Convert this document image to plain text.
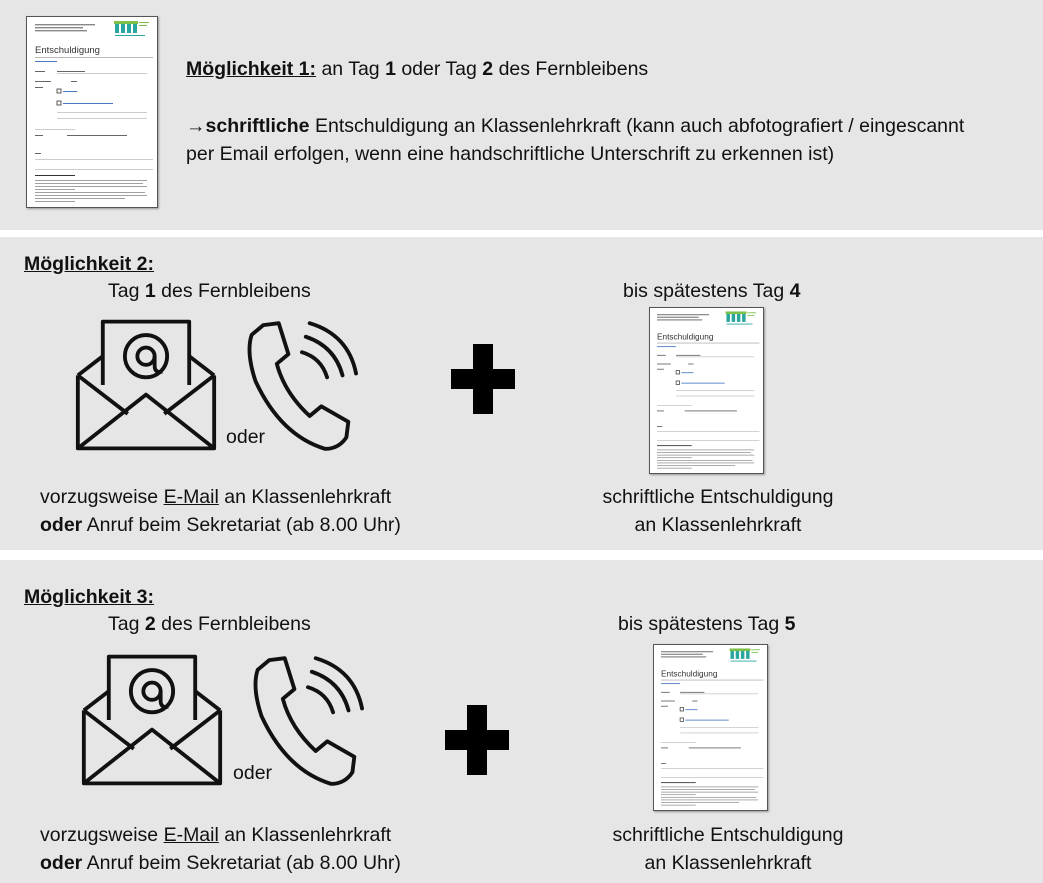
Möglichkeit 1: an Tag 1 oder Tag 2 des Fernbleibens
→schriftliche Entschuldigung an Klassenlehrkraft (kann auch abfotografiert / eingescannt
per Email erfolgen, wenn eine handschriftliche Unterschrift zu erkennen ist)
Möglichkeit 2:
Tag 1 des Fernbleibens	bis spätestens Tag 4
oder
vorzugsweise E-Mail an Klassenlehrkraft
oder Anruf beim Sekretariat (ab 8.00 Uhr)
schriftliche Entschuldigung
an Klassenlehrkraft
Möglichkeit 3:
Tag 2 des Fernbleibens	bis spätestens Tag 5
oder
vorzugsweise E-Mail an Klassenlehrkraft
oder Anruf beim Sekretariat (ab 8.00 Uhr)
schriftliche Entschuldigung
an Klassenlehrkraft
